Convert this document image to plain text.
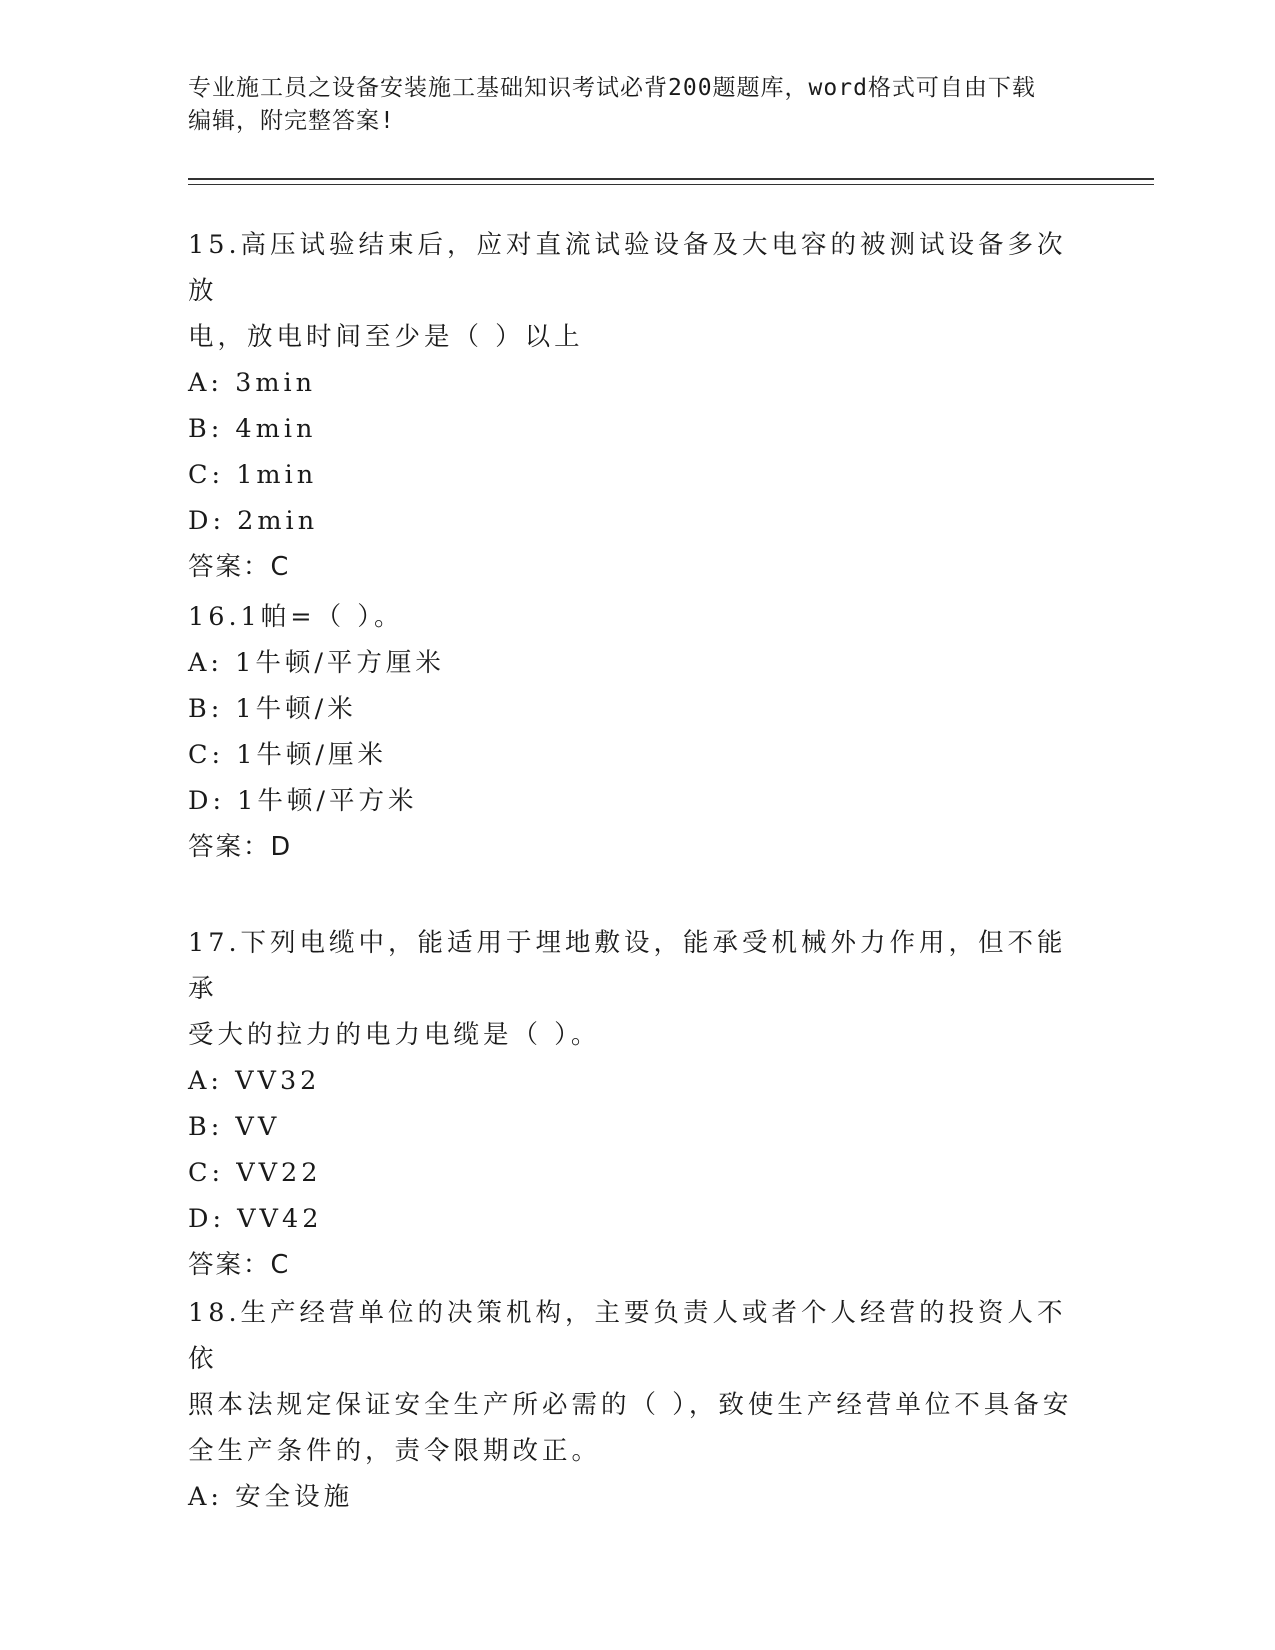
专业施工员之设备安装施工基础知识考试必背200题题库，word格式可自由下载
编辑，附完整答案!

15.高压试验结束后，应对直流试验设备及大电容的被测试设备多次放

电，放电时间至少是（ ）以上

A: 3min

B: 4min

C: 1min

D: 2min

答案：C

16.1帕=（ ）。

A: 1牛顿/平方厘米

B: 1牛顿/米

C: 1牛顿/厘米

D: 1牛顿/平方米

答案：D

17.下列电缆中，能适用于埋地敷设，能承受机械外力作用，但不能承

受大的拉力的电力电缆是（ ）。

A: VV32

B: VV

C: VV22

D: VV42

答案：C

18.生产经营单位的决策机构，主要负责人或者个人经营的投资人不依

照本法规定保证安全生产所必需的（ ），致使生产经营单位不具备安

全生产条件的，责令限期改正。

A: 安全设施
